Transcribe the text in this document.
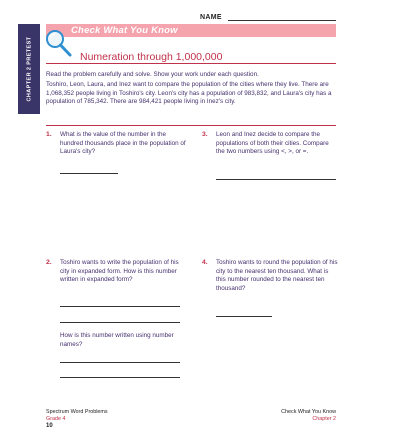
NAME
CHAPTER 2 PRETEST
Check What You Know
Numeration through 1,000,000
Read the problem carefully and solve. Show your work under each question.
Toshiro, Leon, Laura, and Inez want to compare the population of the cities where they live. There are 1,068,352 people living in Toshiro's city. Leon's city has a population of 983,832, and Laura's city has a population of 785,342. There are 984,421 people living in Inez's city.
1. What is the value of the number in the hundred thousands place in the population of Laura's city?
3. Leon and Inez decide to compare the populations of both their cities. Compare the two numbers using <, >, or =.
2. Toshiro wants to write the population of his city in expanded form. How is this number written in expanded form?
How is this number written using number names?
4. Toshiro wants to round the population of his city to the nearest ten thousand. What is this number rounded to the nearest ten thousand?
Spectrum Word Problems
Grade 4
10
Check What You Know
Chapter 2
